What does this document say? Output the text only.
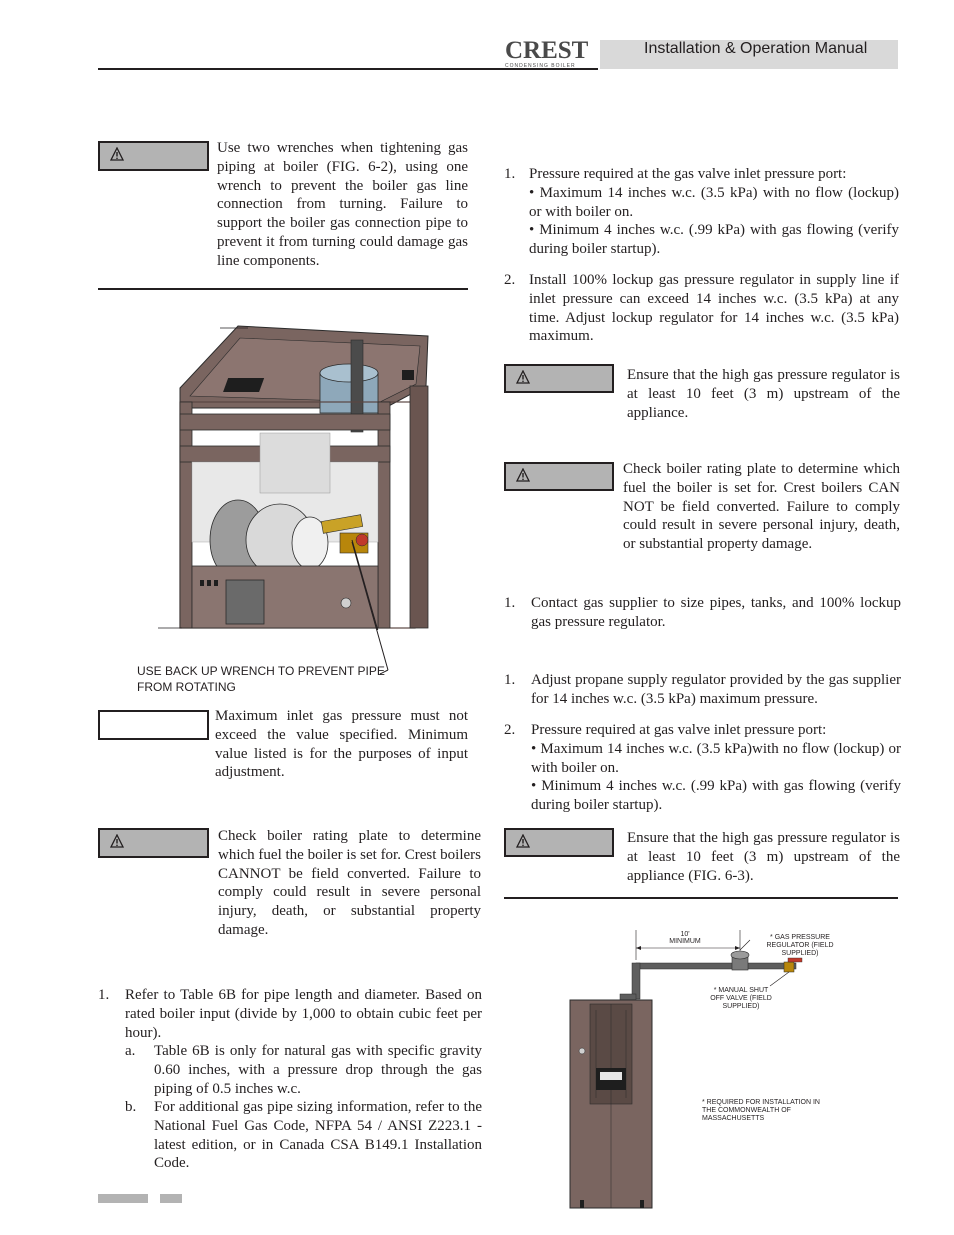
CREST
CONDENSING BOILER
Installation & Operation Manual
Use two wrenches when tightening gas piping at boiler (FIG. 6-2), using one wrench to prevent the boiler gas line connection from turning. Failure to support the boiler gas connection pipe to prevent it from turning could damage gas line components.
USE BACK UP WRENCH TO PREVENT PIPE FROM ROTATING
Maximum inlet gas pressure must not exceed the value specified. Minimum value listed is for the purposes of input adjustment.
Check boiler rating plate to determine which fuel the boiler is set for. Crest boilers CANNOT be field converted. Failure to comply could result in severe personal injury, death, or substantial property damage.
1. Refer to Table 6B for pipe length and diameter. Based on rated boiler input (divide by 1,000 to obtain cubic feet per hour).
a. Table 6B is only for natural gas with specific gravity 0.60 inches, with a pressure drop through the gas piping of 0.5 inches w.c.
b. For additional gas pipe sizing information, refer to the National Fuel Gas Code, NFPA 54 / ANSI Z223.1 - latest edition, or in Canada CSA B149.1 Installation Code.
1. Pressure required at the gas valve inlet pressure port:
• Maximum 14 inches w.c. (3.5 kPa) with no flow (lockup) or with boiler on.
• Minimum 4 inches w.c. (.99 kPa) with gas flowing (verify during boiler startup).
2. Install 100% lockup gas pressure regulator in supply line if inlet pressure can exceed 14 inches w.c. (3.5 kPa) at any time. Adjust lockup regulator for 14 inches w.c. (3.5 kPa) maximum.
Ensure that the high gas pressure regulator is at least 10 feet (3 m) upstream of the appliance.
Check boiler rating plate to determine which fuel the boiler is set for. Crest boilers CAN NOT be field converted. Failure to comply could result in severe personal injury, death, or substantial property damage.
1. Contact gas supplier to size pipes, tanks, and 100% lockup gas pressure regulator.
1. Adjust propane supply regulator provided by the gas supplier for 14 inches w.c. (3.5 kPa) maximum pressure.
2. Pressure required at gas valve inlet pressure port:
• Maximum 14 inches w.c. (3.5 kPa)with no flow (lockup) or with boiler on.
• Minimum 4 inches w.c. (.99 kPa) with gas flowing (verify during boiler startup).
Ensure that the high gas pressure regulator is at least 10 feet (3 m) upstream of the appliance (FIG. 6-3).
10'
MINIMUM
* GAS PRESSURE REGULATOR (FIELD SUPPLIED)
* MANUAL SHUT OFF VALVE (FIELD SUPPLIED)
* REQUIRED FOR INSTALLATION IN THE COMMONWEALTH OF MASSACHUSETTS
